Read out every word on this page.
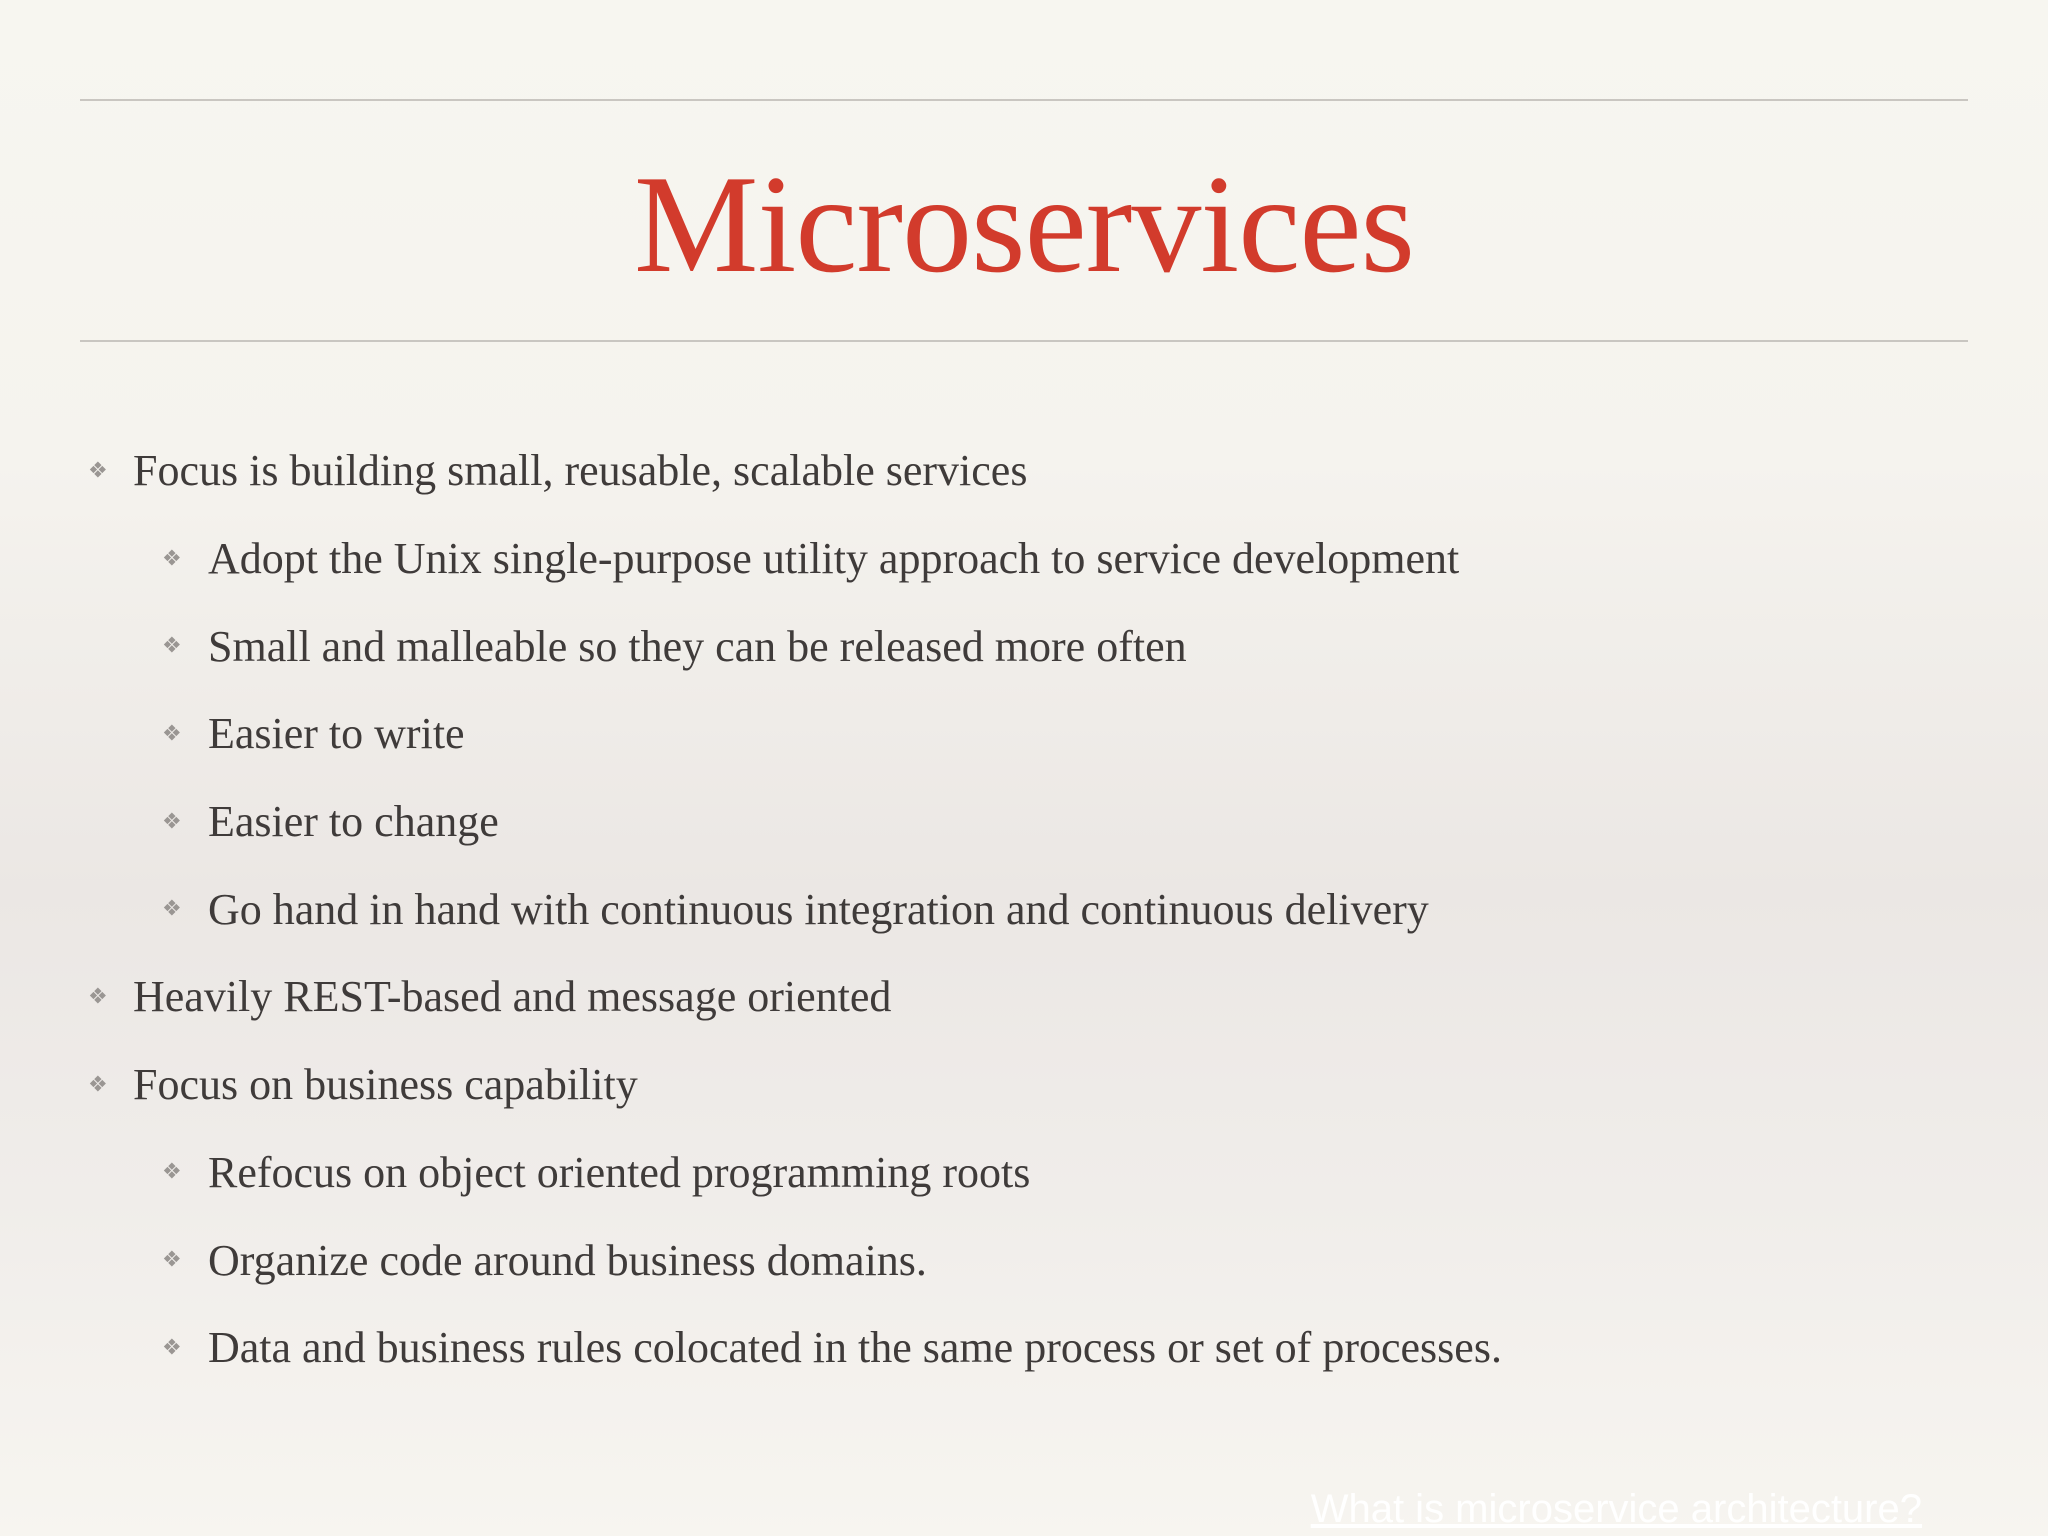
Microservices
❖ Focus is building small, reusable, scalable services
❖ Adopt the Unix single-purpose utility approach to service development
❖ Small and malleable so they can be released more often
❖ Easier to write
❖ Easier to change
❖ Go hand in hand with continuous integration and continuous delivery
❖ Heavily REST-based and message oriented
❖ Focus on business capability
❖ Refocus on object oriented programming roots
❖ Organize code around business domains.
❖ Data and business rules colocated in the same process or set of processes.
What is microservice architecture?
